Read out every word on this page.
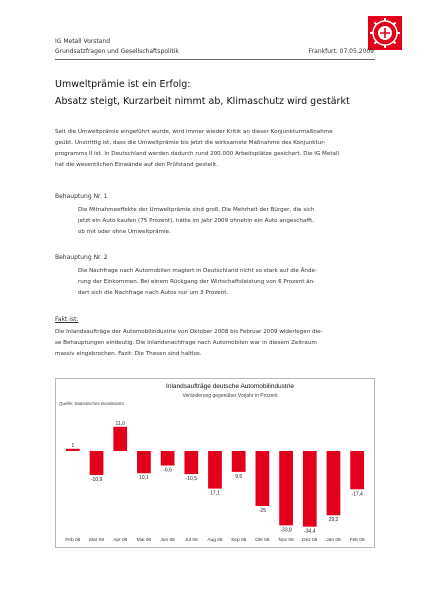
IG Metall Vorstand
Grundsatzfragen und Gesellschaftspolitik	Frankfurt, 07.05.2009
Umweltprämie ist ein Erfolg:
Absatz steigt, Kurzarbeit nimmt ab, Klimaschutz wird gestärkt
Seit die Umweltprämie eingeführt wurde, wird immer wieder Kritik an dieser Konjunkturmaßnahme
geübt. Unstrittig ist, dass die Umweltprämie bis jetzt die wirksamste Maßnahme des Konjunktur-
programms II ist. In Deutschland werden dadurch rund 200.000 Arbeitsplätze gesichert. Die IG Metall
hat die wesentlichen Einwände auf den Prüfstand gestellt.
Behauptung Nr. 1
Die Mitnahmeeffekte der Umweltprämie sind groß. Die Mehrheit der Bürger, die sich
jetzt ein Auto kaufen (75 Prozent), hätte im Jahr 2009 ohnehin ein Auto angeschafft,
ob mit oder ohne Umweltprämie.
Behauptung Nr. 2
Die Nachfrage nach Automobilen maglert in Deutschland nicht so stark auf die Ände-
rung der Einkommen. Bei einem Rückgang der Wirtschaftsleistung von 6 Prozent än-
dert sich die Nachfrage nach Autos nur um 3 Prozent.
Fakt ist:
Die Inlandsaufträge der Automobilindustrie von Oktober 2008 bis Februar 2009 widerlegen die-
se Behauptungen eindeutig. Die Inlandsnachfrage nach Automobilen war in diesem Zeitraum
massiv eingebrochen. Fazit: Die Thesen sind haltlos.
Inlandsaufträge deutsche Automobilindustrie
Veränderung gegenüber Vorjahr in Prozent
Quelle: Statistisches Bundesamt
1
-10,9
11,0
10,1
-6,6
-10,5
17,1
9,5
-25
-33,8 -34,4
29,2
-17,4
Feb 08 Mar 08 Apr 08 Mai 08 Jun 08 Jul 08 Aug 08 Sep 08 Okt 08 Nov 08 Dez 08 Jan 09 Feb 09
